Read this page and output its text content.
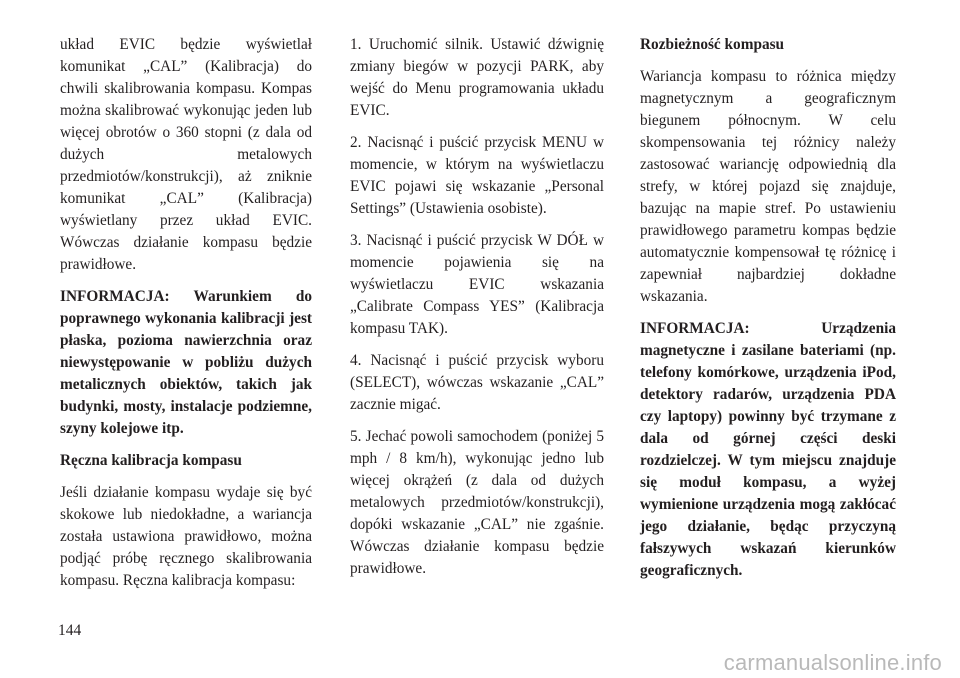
układ EVIC będzie wyświetlał komunikat „CAL” (Kalibracja) do chwili skalibrowania kompasu. Kompas można skalibrować wykonując jeden lub więcej obrotów o 360 stopni (z dala od dużych metalowych przedmiotów/konstrukcji), aż zniknie komunikat „CAL” (Kalibracja) wyświetlany przez układ EVIC. Wówczas działanie kompasu będzie prawidłowe.

INFORMACJA: Warunkiem do poprawnego wykonania kalibracji jest płaska, pozioma nawierzchnia oraz niewystępowanie w pobliżu dużych metalicznych obiektów, takich jak budynki, mosty, instalacje podziemne, szyny kolejowe itp.

Ręczna kalibracja kompasu

Jeśli działanie kompasu wydaje się być skokowe lub niedokładne, a wariancja została ustawiona prawidłowo, można podjąć próbę ręcznego skalibrowania kompasu. Ręczna kalibracja kompasu:

1. Uruchomić silnik. Ustawić dźwignię zmiany biegów w pozycji PARK, aby wejść do Menu programowania układu EVIC.

2. Nacisnąć i puścić przycisk MENU w momencie, w którym na wyświetlaczu EVIC pojawi się wskazanie „Personal Settings” (Ustawienia osobiste).

3. Nacisnąć i puścić przycisk W DÓŁ w momencie pojawienia się na wyświetlaczu EVIC wskazania „Calibrate Compass YES” (Kalibracja kompasu TAK).

4. Nacisnąć i puścić przycisk wyboru (SELECT), wówczas wskazanie „CAL” zacznie migać.

5. Jechać powoli samochodem (poniżej 5 mph / 8 km/h), wykonując jedno lub więcej okrążeń (z dala od dużych metalowych przedmiotów/konstrukcji), dopóki wskazanie „CAL” nie zgaśnie. Wówczas działanie kompasu będzie prawidłowe.

Rozbieżność kompasu

Wariancja kompasu to różnica między magnetycznym a geograficznym biegunem północnym. W celu skompensowania tej różnicy należy zastosować wariancję odpowiednią dla strefy, w której pojazd się znajduje, bazując na mapie stref. Po ustawieniu prawidłowego parametru kompas będzie automatycznie kompensował tę różnicę i zapewniał najbardziej dokładne wskazania.

INFORMACJA: Urządzenia magnetyczne i zasilane bateriami (np. telefony komórkowe, urządzenia iPod, detektory radarów, urządzenia PDA czy laptopy) powinny być trzymane z dala od górnej części deski rozdzielczej. W tym miejscu znajduje się moduł kompasu, a wyżej wymienione urządzenia mogą zakłócać jego działanie, będąc przyczyną fałszywych wskazań kierunków geograficznych.

144
carmanualsonline.info
